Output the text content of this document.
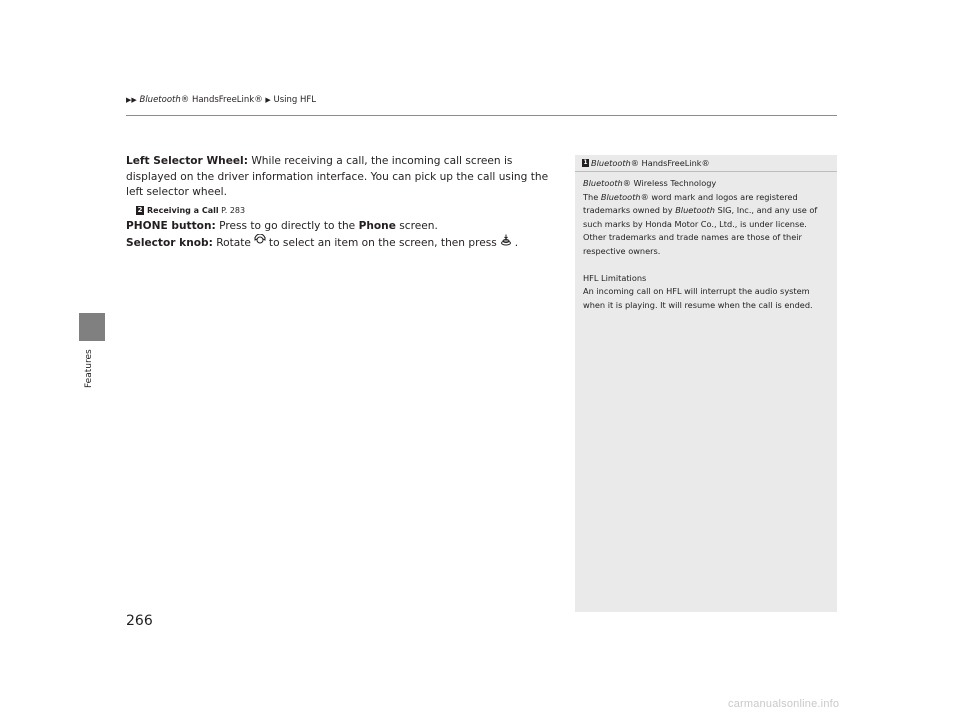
▶▶ Bluetooth® HandsFreeLink® ▶ Using HFL
Features

Left Selector Wheel: While receiving a call, the incoming call screen is displayed on the driver information interface. You can pick up the call using the left selector wheel.

2 Receiving a Call P. 283

PHONE button: Press to go directly to the Phone screen.

Selector knob: Rotate to select an item on the screen, then press .

1 Bluetooth ® HandsFreeLink®

Bluetooth® Wireless Technology

The Bluetooth® word mark and logos are registered trademarks owned by Bluetooth SIG, Inc., and any use of such marks by Honda Motor Co., Ltd., is under license. Other trademarks and trade names are those of their respective owners.

HFL Limitations

An incoming call on HFL will interrupt the audio system when it is playing. It will resume when the call is ended.

266
carmanualsonline.info
